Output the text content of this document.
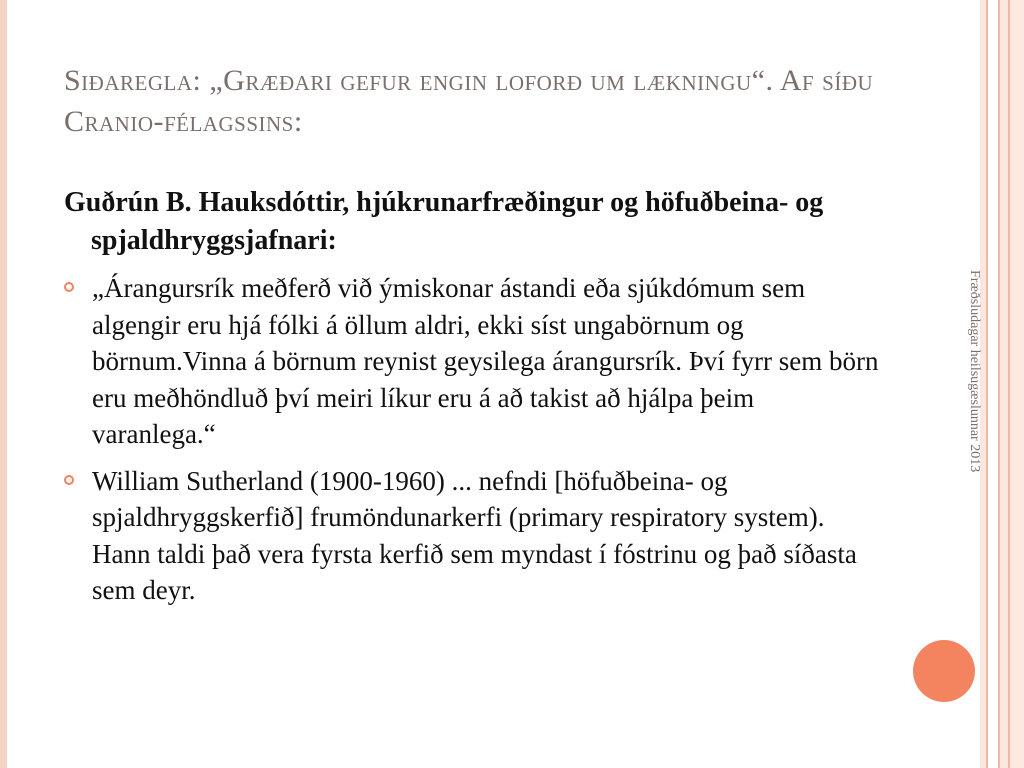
Siðaregla: „Græðari gefur engin loforð um lækningu“. Af síðu Cranio-félagssins:

Guðrún B. Hauksdóttir, hjúkrunarfræðingur og höfuðbeina- og spjaldhryggsjafnari:

„Árangursrík meðferð við ýmiskonar ástandi eða sjúkdómum sem algengir eru hjá fólki á öllum aldri, ekki síst ungabörnum og börnum.Vinna á börnum reynist geysilega árangursrík. Því fyrr sem börn eru meðhöndluð því meiri líkur eru á að takist að hjálpa þeim varanlega.“
William Sutherland (1900-1960) ... nefndi [höfuðbeina- og spjaldhryggskerfið] frumöndunarkerfi (primary respiratory system). Hann taldi það vera fyrsta kerfið sem myndast í fóstrinu og það síðasta sem deyr.
Fræðsludagar heilsugæslunnar 2013
